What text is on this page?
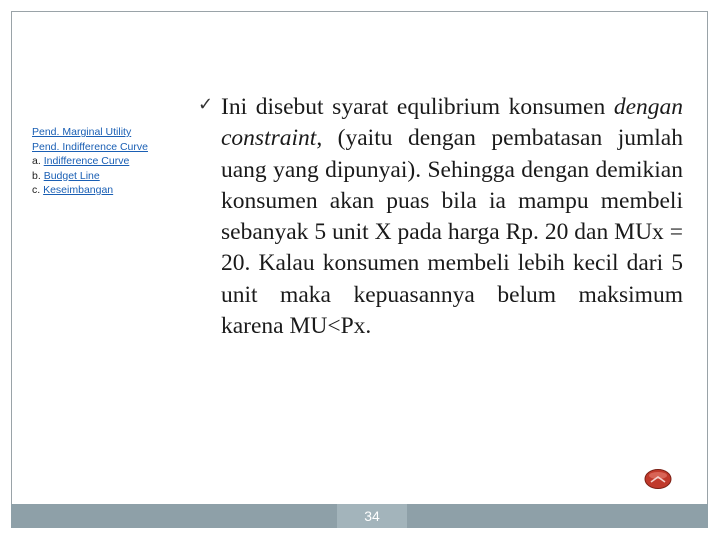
Pend. Marginal Utility
Pend. Indifference Curve
a. Indifference Curve
b. Budget Line
c. Keseimbangan
✓ Ini disebut syarat equlibrium konsumen dengan constraint, (yaitu dengan pembatasan jumlah uang yang dipunyai). Sehingga dengan demikian konsumen akan puas bila ia mampu membeli sebanyak 5 unit X pada harga Rp. 20 dan MUx = 20. Kalau konsumen membeli lebih kecil dari 5 unit maka kepuasannya belum maksimum karena MU<Px.
34
